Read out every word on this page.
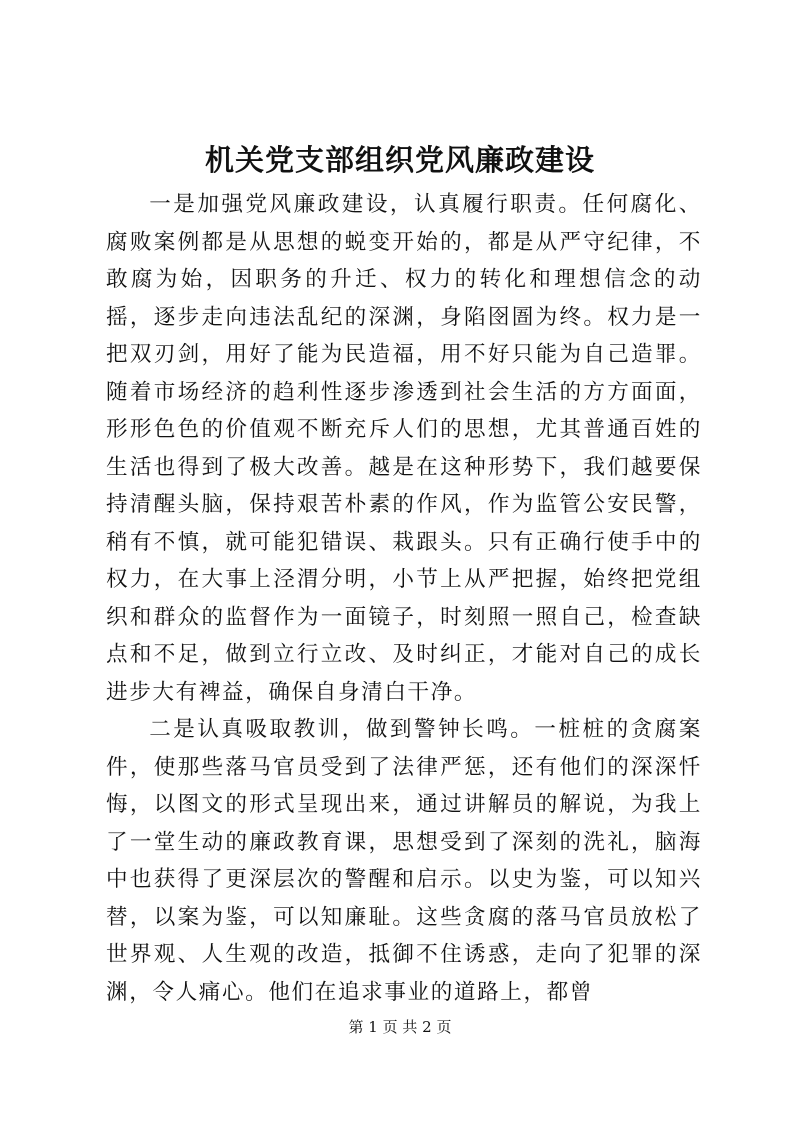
机关党支部组织党风廉政建设

一是加强党风廉政建设，认真履行职责。任何腐化、腐败案例都是从思想的蜕变开始的，都是从严守纪律，不敢腐为始，因职务的升迁、权力的转化和理想信念的动摇，逐步走向违法乱纪的深渊，身陷囹圄为终。权力是一把双刃剑，用好了能为民造福，用不好只能为自己造罪。随着市场经济的趋利性逐步渗透到社会生活的方方面面，形形色色的价值观不断充斥人们的思想，尤其普通百姓的生活也得到了极大改善。越是在这种形势下，我们越要保持清醒头脑，保持艰苦朴素的作风，作为监管公安民警，稍有不慎，就可能犯错误、栽跟头。只有正确行使手中的权力，在大事上泾渭分明，小节上从严把握，始终把党组织和群众的监督作为一面镜子，时刻照一照自己，检查缺点和不足，做到立行立改、及时纠正，才能对自己的成长进步大有裨益，确保自身清白干净。

二是认真吸取教训，做到警钟长鸣。一桩桩的贪腐案件，使那些落马官员受到了法律严惩，还有他们的深深忏悔，以图文的形式呈现出来，通过讲解员的解说，为我上了一堂生动的廉政教育课，思想受到了深刻的洗礼，脑海中也获得了更深层次的警醒和启示。以史为鉴，可以知兴替，以案为鉴，可以知廉耻。这些贪腐的落马官员放松了世界观、人生观的改造，抵御不住诱惑，走向了犯罪的深渊，令人痛心。他们在追求事业的道路上，都曾

第 1 页 共 2 页
